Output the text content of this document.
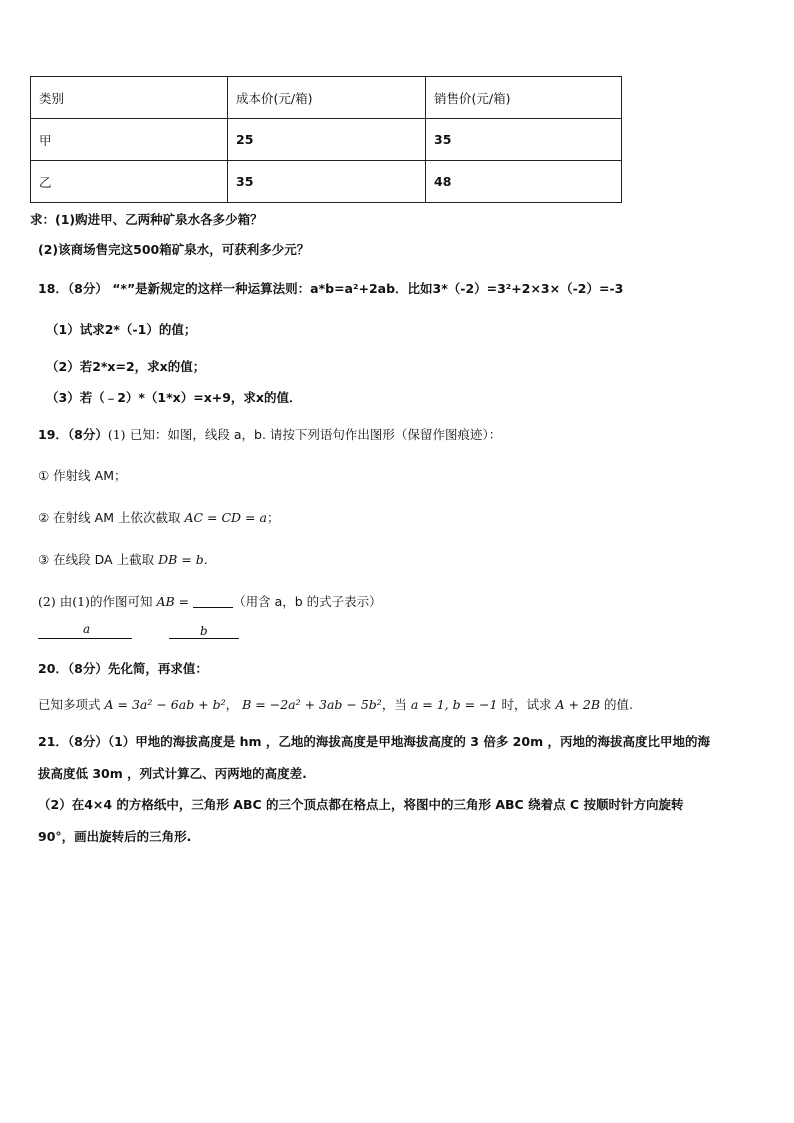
类别	成本价(元/箱)	销售价(元/箱)
甲	25	35
乙	35	48
求：(1)购进甲、乙两种矿泉水各多少箱？
(2)该商场售完这500箱矿泉水，可获利多少元？
18．（8分） “*”是新规定的这样一种运算法则：a*b=a²+2ab．比如3*（-2）=3²+2×3×（-2）=-3
（1）试求2*（-1）的值；
（2）若2*x=2，求x的值；
（3）若（﹣2）*（1*x）=x+9，求x的值．
19．（8分）(1) 已知：如图，线段 a，b. 请按下列语句作出图形（保留作图痕迹）：
① 作射线 AM；
② 在射线 AM 上依次截取 AC = CD = a；
③ 在线段 DA 上截取 DB = b.
(2) 由(1)的作图可知 AB =	（用含 a，b 的式子表示）
a	b
20．（8分）先化简，再求值：
已知多项式 A = 3a² − 6ab + b²， B = −2a² + 3ab − 5b²，当 a = 1, b = −1 时，试求 A + 2B 的值.
21．（8分）（1）甲地的海拔高度是 hm ，乙地的海拔高度是甲地海拔高度的 3 倍多 20m ，丙地的海拔高度比甲地的海
拔高度低 30m ，列式计算乙、丙两地的高度差.
（2）在4×4 的方格纸中，三角形 ABC 的三个顶点都在格点上，将图中的三角形 ABC 绕着点 C 按顺时针方向旋转
90°，画出旋转后的三角形.
